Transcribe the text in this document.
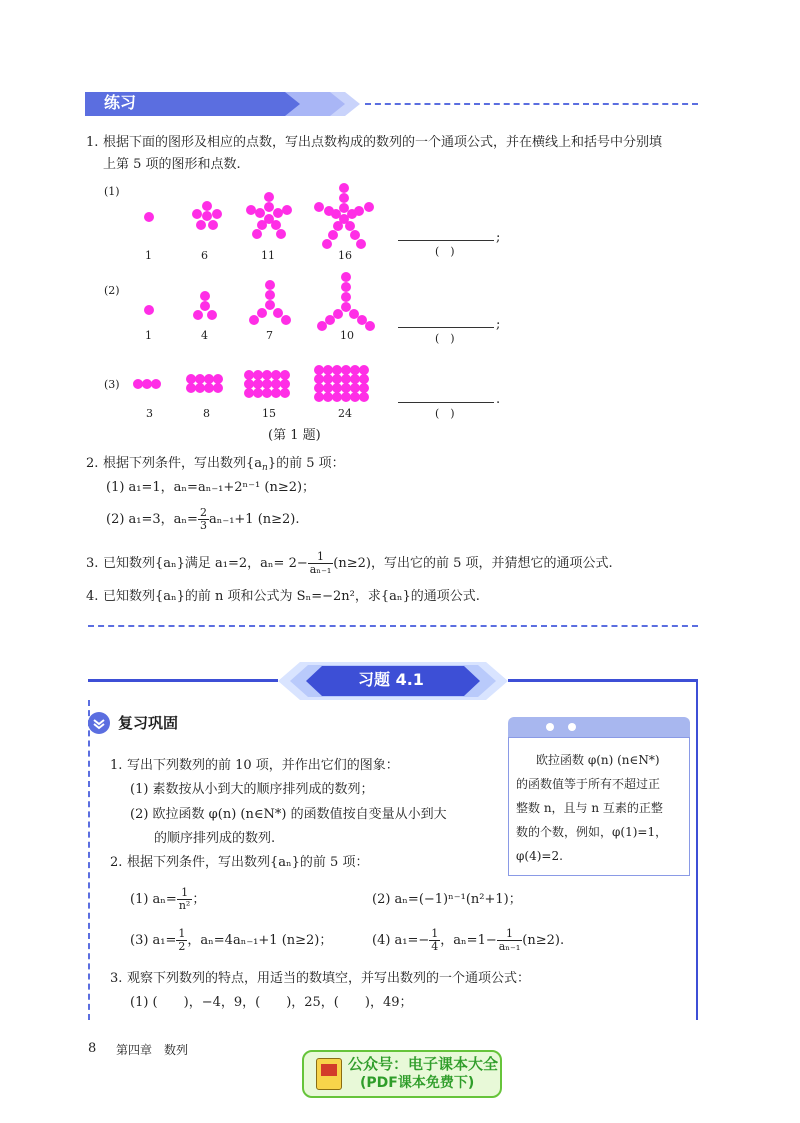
练习
1. 根据下面的图形及相应的点数，写出点数构成的数列的一个通项公式，并在横线上和括号中分别填
上第 5 项的图形和点数.
(1)
1	6	11	16
;
(　)
(2)
1	4	7	10
;
(　)
(3)
3	8	15	24
.
(　)
(第 1 题)
2. 根据下列条件，写出数列$\{a_n\}$的前 5 项：
(1) a₁=1，aₙ=aₙ₋₁+2ⁿ⁻¹ (n≥2)；
(2) a₁=3，$a_n= \frac{2}{3} a_{n-1}+1$ (n≥2).
3. 已知数列{aₙ}满足 a₁=2，$a_n= 2- \frac{1}{\text{aₙ₋₁}} (n\ge 2)$，写出它的前 5 项，并猜想它的通项公式.
4. 已知数列{aₙ}的前 n 项和公式为 Sₙ=−2n²，求{aₙ}的通项公式.
习题 4.1
复习巩固
欧拉函数 φ(n) (n∈N*)
的函数值等于所有不超过正
整数 n，且与 n 互素的正整
数的个数，例如，φ(1)=1，
φ(4)=2.
1. 写出下列数列的前 10 项，并作出它们的图象：
(1) 素数按从小到大的顺序排列成的数列；
(2) 欧拉函数 φ(n) (n∈N*) 的函数值按自变量从小到大
的顺序排列成的数列.
2. 根据下列条件，写出数列{aₙ}的前 5 项：
(1) $a_n= \frac{1}{\text{n²}}$ ；	(2) aₙ=(−1)ⁿ⁻¹(n²+1)；
(3) $a_1= \frac{1}{2}$ ，aₙ=4aₙ₋₁+1 (n≥2)；	(4) $a_1=- \frac{1}{4}$ ，$a_n=1- \frac{1}{\text{aₙ₋₁}} (n\ge 2)$.
3. 观察下列数列的特点，用适当的数填空，并写出数列的一个通项公式：
(1) (　　)，−4，9，(　　)，25，(　　)，49；
8 第四章　数列
公众号：电子课本大全
(PDF课本免费下)
